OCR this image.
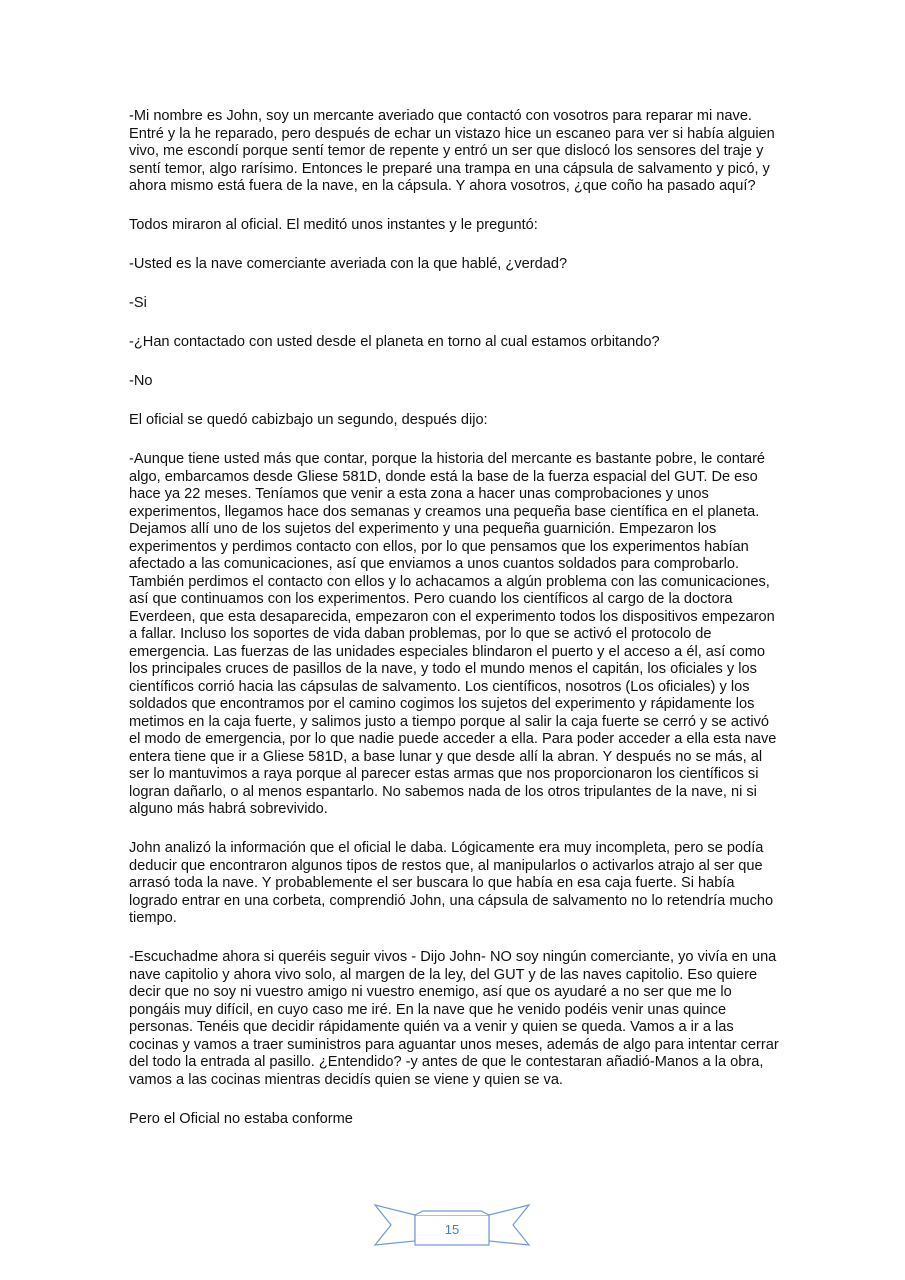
-Mi nombre es John, soy un mercante averiado que contactó con vosotros para reparar mi nave. Entré y la he reparado, pero después de echar un vistazo hice un escaneo para ver si había alguien vivo, me escondí porque sentí temor de repente y entró un ser que dislocó los sensores del traje y sentí temor, algo rarísimo. Entonces le preparé una trampa en una cápsula de salvamento y picó, y ahora mismo está fuera de la nave, en la cápsula. Y ahora vosotros, ¿que coño ha pasado aquí?

Todos miraron al oficial. El meditó unos instantes y le preguntó:

-Usted es la nave comerciante averiada con la que hablé, ¿verdad?

-Si

-¿Han contactado con usted desde el planeta en torno al cual estamos orbitando?

-No

El oficial se quedó cabizbajo un segundo, después dijo:

-Aunque tiene usted más que contar, porque la historia del mercante es bastante pobre, le contaré algo, embarcamos desde Gliese 581D, donde está la base de la fuerza espacial del GUT. De eso hace ya 22 meses. Teníamos que venir a esta zona a hacer unas comprobaciones y unos experimentos, llegamos hace dos semanas y creamos una pequeña base científica en el planeta. Dejamos allí uno de los sujetos del experimento y una pequeña guarnición. Empezaron los experimentos y perdimos contacto con ellos, por lo que pensamos que los experimentos habían afectado a las comunicaciones, así que enviamos a unos cuantos soldados para comprobarlo. También perdimos el contacto con ellos y lo achacamos a algún problema con las comunicaciones, así que continuamos con los experimentos. Pero cuando los científicos al cargo de la doctora Everdeen, que esta desaparecida, empezaron con el experimento todos los dispositivos empezaron a fallar. Incluso los soportes de vida daban problemas, por lo que se activó el protocolo de emergencia. Las fuerzas de las unidades especiales blindaron el puerto y el acceso a él, así como los principales cruces de pasillos de la nave, y todo el mundo menos el capitán, los oficiales y los científicos corrió hacia las cápsulas de salvamento. Los científicos, nosotros (Los oficiales) y los soldados que encontramos por el camino cogimos los sujetos del experimento y rápidamente los metimos en la caja fuerte, y salimos justo a tiempo porque al salir la caja fuerte se cerró y se activó el modo de emergencia, por lo que nadie puede acceder a ella. Para poder acceder a ella esta nave entera tiene que ir a Gliese 581D, a base lunar y que desde allí la abran. Y después no se más, al ser lo mantuvimos a raya porque al parecer estas armas que nos proporcionaron los científicos si logran dañarlo, o al menos espantarlo. No sabemos nada de los otros tripulantes de la nave, ni si alguno más habrá sobrevivido.

John analizó la información que el oficial le daba. Lógicamente era muy incompleta, pero se podía deducir que encontraron algunos tipos de restos que, al manipularlos o activarlos atrajo al ser que arrasó toda la nave. Y probablemente el ser buscara lo que había en esa caja fuerte. Si había logrado entrar en una corbeta, comprendió John, una cápsula de salvamento no lo retendría mucho tiempo.

-Escuchadme ahora si queréis seguir vivos - Dijo John- NO soy ningún comerciante, yo vivía en una nave capitolio y ahora vivo solo, al margen de la ley, del GUT y de las naves capitolio. Eso quiere decir que no soy ni vuestro amigo ni vuestro enemigo, así que os ayudaré a no ser que me lo pongáis muy difícil, en cuyo caso me iré. En la nave que he venido podéis venir unas quince personas. Tenéis que decidir rápidamente quién va a venir y quien se queda. Vamos a ir a las cocinas y vamos a traer suministros para aguantar unos meses, además de algo para intentar cerrar del todo la entrada al pasillo. ¿Entendido? -y antes de que le contestaran añadió-Manos a la obra, vamos a las cocinas mientras decidís quien se viene y quien se va.

Pero el Oficial no estaba conforme

15
